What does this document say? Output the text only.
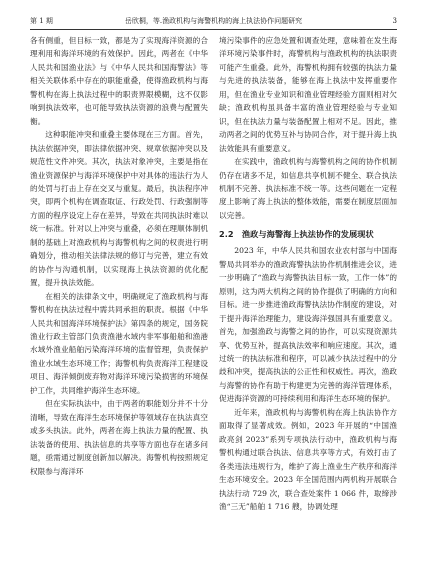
第 1 期	岳欣桐，等.渔政机构与海警机构的海上执法协作问题研究	3

各有侧重，但目标一致，都是为了实现海洋资源的合理利用和海洋环境的有效保护。因此，两者在《中华人民共和国渔业法》与《中华人民共和国海警法》等相关关联体系中存在的职能重叠，使得渔政机构与海警机构在海上执法过程中的职责界限模糊，这不仅影响到执法效率，也可能导致执法资源的浪费与配置失衡。

这种职能冲突和重叠主要体现在三方面。首先，执法依据冲突，即法律依据冲突、规章依据冲突以及规范性文件冲突。其次，执法对象冲突，主要是指在渔业资源保护与海洋环境保护中对具体的违法行为人的处罚与打击上存在交叉与重复。最后，执法程序冲突，即两个机构在调查取证、行政处罚、行政强制等方面的程序设定上存在差异，导致在共同执法时难以统一标准。针对以上冲突与重叠，必须在理顺体制机制的基础上对渔政机构与海警机构之间的权责进行明确划分，推动相关法律法规的修订与完善，建立有效的协作与沟通机制，以实现海上执法资源的优化配置，提升执法效能。

在相关的法律条文中，明确规定了渔政机构与海警机构在执法过程中需共同承担的职责。根据《中华人民共和国海洋环境保护法》第四条的规定，国务院渔业行政主管部门负责渔港水域内非军事船舶和渔港水域外渔业船舶污染海洋环境的监督管理，负责保护渔业水域生态环境工作；海警机构负责海洋工程建设项目、海洋倾倒废弃物对海洋环境污染损害的环境保护工作，共同维护海洋生态环境。

但在实际执法中，由于两者的职能划分并不十分清晰，导致在海洋生态环境保护等领域存在执法真空或多头执法。此外，两者在海上执法力量的配置、执法装备的使用、执法信息的共享等方面也存在诸多问题，亟需通过制度创新加以解决。海警机构按照规定权限参与海洋环

境污染事件的应急处置和调查处理，意味着在发生海洋环境污染事件时，海警机构与渔政机构的执法职责可能产生重叠。此外，海警机构拥有较强的执法力量与先进的执法装备，能够在海上执法中发挥重要作用，但在渔业专业知识和渔业管理经验方面则相对欠缺；渔政机构虽具备丰富的渔业管理经验与专业知识，但在执法力量与装备配置上相对不足。因此，推动两者之间的优势互补与协同合作，对于提升海上执法效能具有重要意义。

在实践中，渔政机构与海警机构之间的协作机制仍存在诸多不足，如信息共享机制不健全、联合执法机制不完善、执法标准不统一等。这些问题在一定程度上影响了海上执法的整体效能，需要在制度层面加以完善。

2.2　渔政与海警海上执法协作的发展现状

2023 年，中华人民共和国农业农村部与中国海警局共同举办的渔政海警执法协作机制推进会议，进一步明确了“渔政与海警执法目标一致，工作一体”的原则，这为两大机构之间的协作提供了明确的方向和目标。进一步推进渔政海警执法协作制度的建设，对于提升海洋治理能力，建设海洋强国具有重要意义。首先，加强渔政与海警之间的协作，可以实现资源共享、优势互补，提高执法效率和响应速度。其次，通过统一的执法标准和程序，可以减少执法过程中的分歧和冲突，提高执法的公正性和权威性。再次，渔政与海警的协作有助于构建更为完善的海洋管理体系，促进海洋资源的可持续利用和海洋生态环境的保护。

近年来，渔政机构与海警机构在海上执法协作方面取得了显著成效。例如，2023 年开展的“中国渔政亮剑 2023”系列专项执法行动中，渔政机构与海警机构通过联合执法、信息共享等方式，有效打击了各类违法违规行为，维护了海上渔业生产秩序和海洋生态环境安全。2023 年全国范围内两机构开展联合执法行动 729 次，联合查处案件 1 066 件，取缔涉渔“三无”船舶 1 716 艘，协调处理
